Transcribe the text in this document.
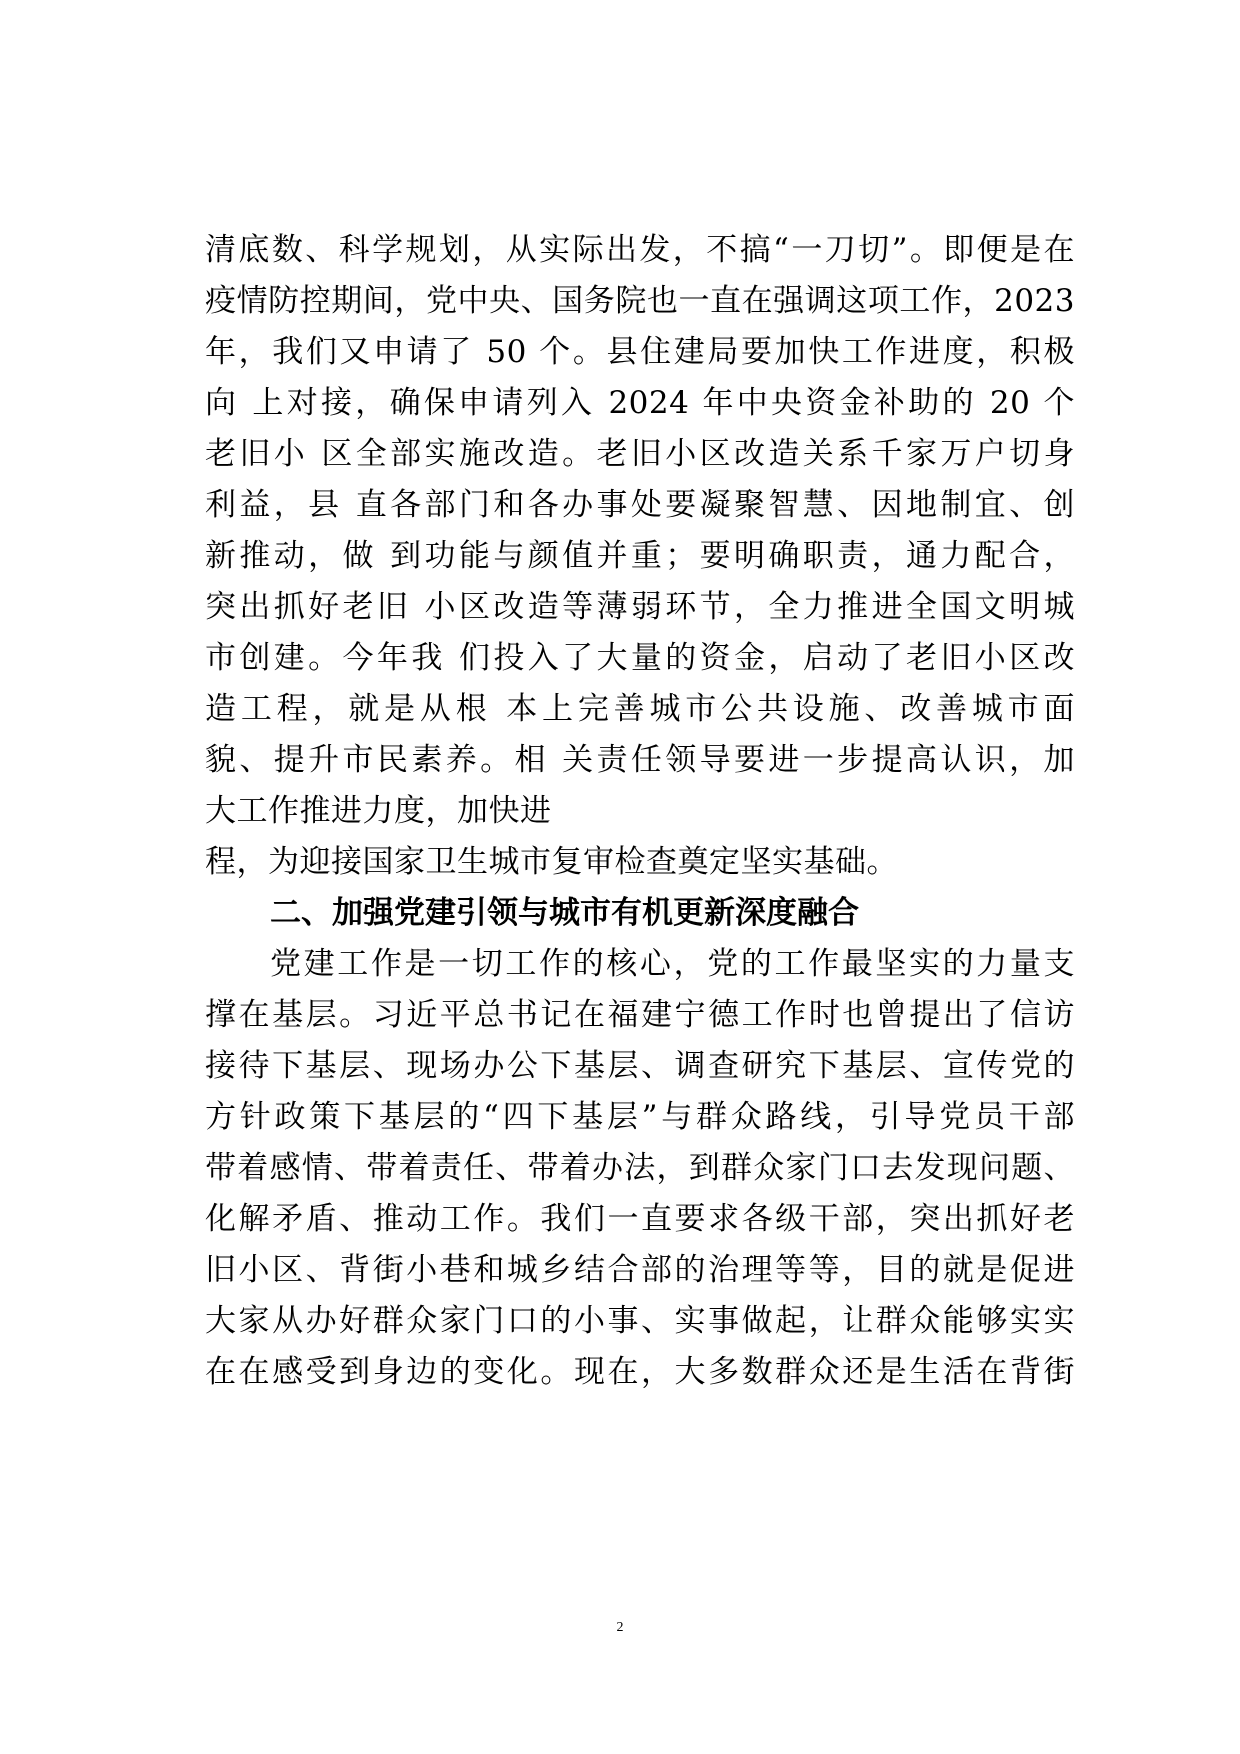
清底数、科学规划，从实际出发，不搞“一刀切”。即便是在
疫情防控期间，党中央、国务院也一直在强调这项工作，2023
年，我们又申请了 50 个。县住建局要加快工作进度，积极
向 上对接，确保申请列入 2024 年中央资金补助的 20 个
老旧小 区全部实施改造。老旧小区改造关系千家万户切身
利益，县 直各部门和各办事处要凝聚智慧、因地制宜、创
新推动，做 到功能与颜值并重；要明确职责，通力配合，
突出抓好老旧 小区改造等薄弱环节，全力推进全国文明城
市创建。今年我 们投入了大量的资金，启动了老旧小区改
造工程，就是从根 本上完善城市公共设施、改善城市面
貌、提升市民素养。相 关责任领导要进一步提高认识，加
大工作推进力度，加快进
程，为迎接国家卫生城市复审检查奠定坚实基础。
二、加强党建引领与城市有机更新深度融合
党建工作是一切工作的核心，党的工作最坚实的力量支
撑在基层。习近平总书记在福建宁德工作时也曾提出了信访
接待下基层、现场办公下基层、调查研究下基层、宣传党的
方针政策下基层的“四下基层”与群众路线，引导党员干部
带着感情、带着责任、带着办法，到群众家门口去发现问题、
化解矛盾、推动工作。我们一直要求各级干部，突出抓好老
旧小区、背街小巷和城乡结合部的治理等等，目的就是促进
大家从办好群众家门口的小事、实事做起，让群众能够实实
在在感受到身边的变化。现在，大多数群众还是生活在背街
2
